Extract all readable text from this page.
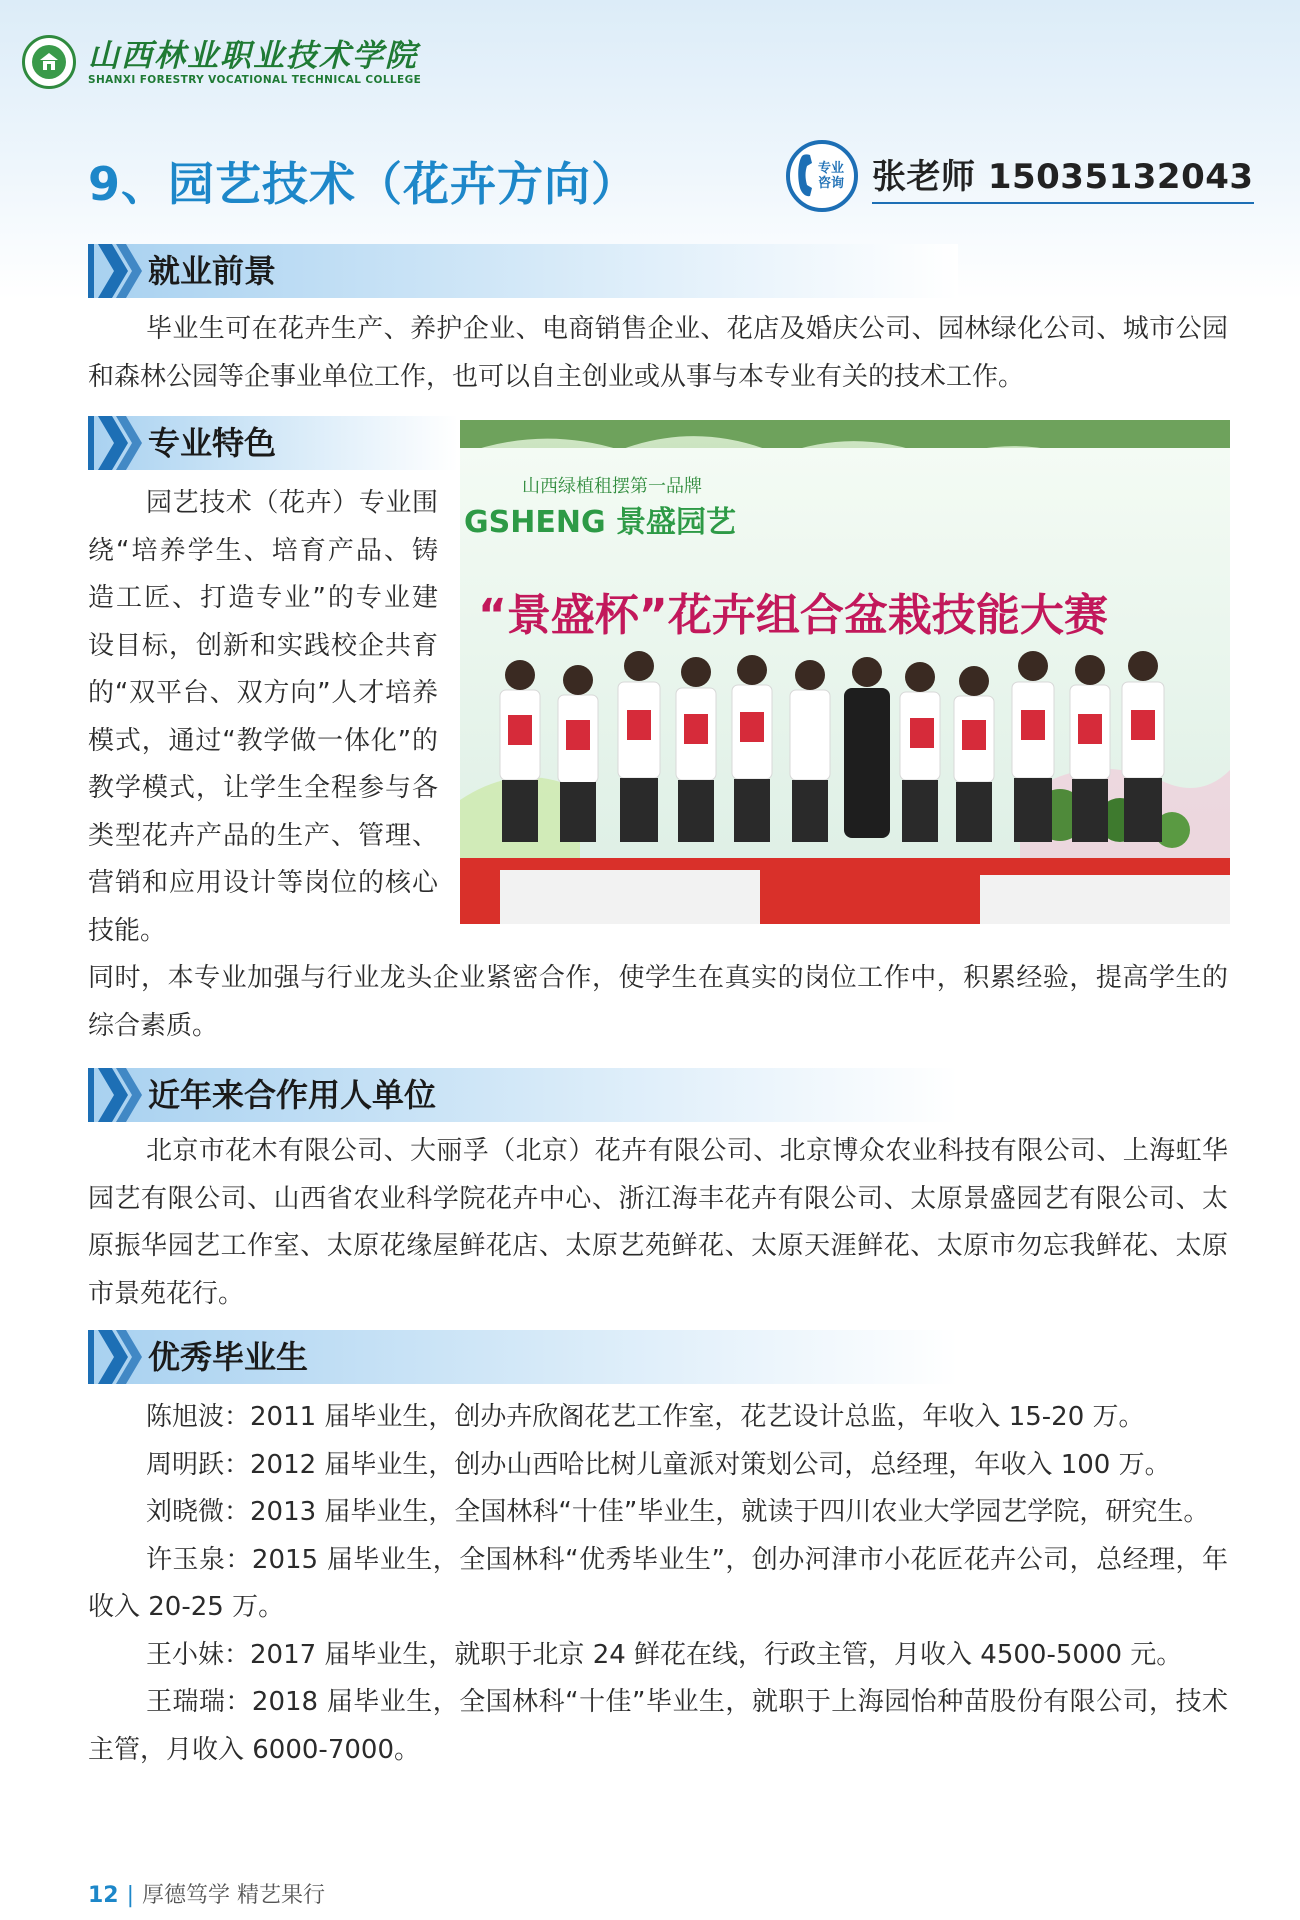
山西林业职业技术学院
SHANXI FORESTRY VOCATIONAL TECHNICAL COLLEGE
9、园艺技术（花卉方向）	专业
咨询 张老师 15035132043
就业前景

毕业生可在花卉生产、养护企业、电商销售企业、花店及婚庆公司、园林绿化公司、城市公园和森林公园等企事业单位工作，也可以自主创业或从事与本专业有关的技术工作。

专业特色

园艺技术（花卉）专业围绕“培养学生、培育产品、铸造工匠、打造专业”的专业建设目标，创新和实践校企共育的“双平台、双方向”人才培养模式，通过“教学做一体化”的教学模式，让学生全程参与各类型花卉产品的生产、管理、营销和应用设计等岗位的核心技能。

同时，本专业加强与行业龙头企业紧密合作，使学生在真实的岗位工作中，积累经验，提高学生的综合素质。

山西绿植租摆第一品牌
GSHENG 景盛园艺
“景盛杯”花卉组合盆栽技能大赛
近年来合作用人单位

北京市花木有限公司、大丽孚（北京）花卉有限公司、北京博众农业科技有限公司、上海虹华园艺有限公司、山西省农业科学院花卉中心、浙江海丰花卉有限公司、太原景盛园艺有限公司、太原振华园艺工作室、太原花缘屋鲜花店、太原艺苑鲜花、太原天涯鲜花、太原市勿忘我鲜花、太原市景苑花行。

优秀毕业生

陈旭波：2011 届毕业生，创办卉欣阁花艺工作室，花艺设计总监，年收入 15-20 万。

周明跃：2012 届毕业生，创办山西哈比树儿童派对策划公司，总经理，年收入 100 万。

刘晓微：2013 届毕业生，全国林科“十佳”毕业生，就读于四川农业大学园艺学院，研究生。

许玉泉：2015 届毕业生，全国林科“优秀毕业生”，创办河津市小花匠花卉公司，总经理，年收入 20-25 万。

王小妹：2017 届毕业生，就职于北京 24 鲜花在线，行政主管，月收入 4500-5000 元。

王瑞瑞：2018 届毕业生，全国林科“十佳”毕业生，就职于上海园怡种苗股份有限公司，技术主管，月收入 6000-7000。

12 | 厚德笃学 精艺果行
